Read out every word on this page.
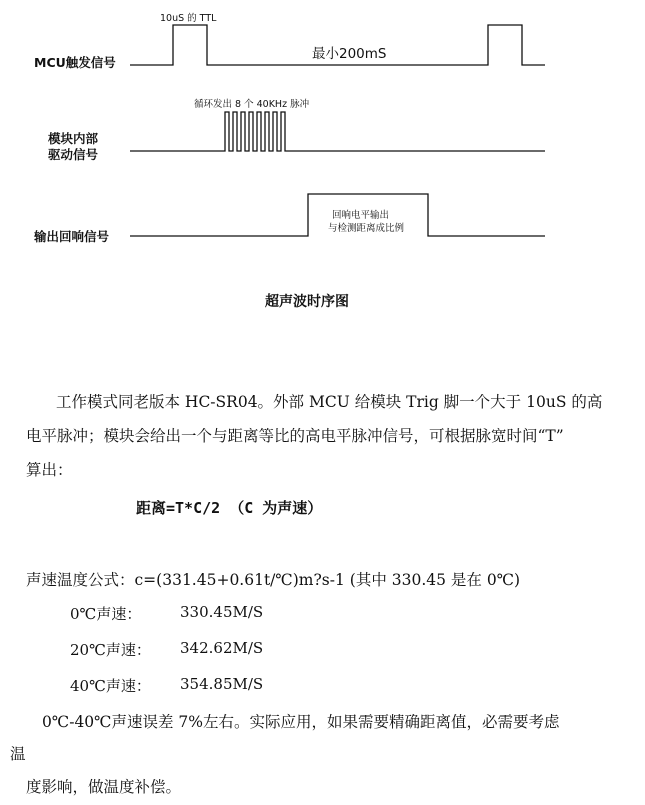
MCU触发信号
模块内部
驱动信号
输出回响信号
10uS 的 TTL
最小200mS
循环发出 8 个 40KHz 脉冲
回响电平输出
与检测距离成比例
超声波时序图
工作模式同老版本 HC-SR04。外部 MCU 给模块 Trig 脚一个大于 10uS 的高
电平脉冲；模块会给出一个与距离等比的高电平脉冲信号，可根据脉宽时间“T”
算出：
距离=T*C/2 （C 为声速）
声速温度公式：c=(331.45+0.61t/℃)m?s-1 (其中 330.45 是在 0℃)
0℃声速：	330.45M/S
20℃声速： 342.62M/S
40℃声速： 354.85M/S
0℃-40℃声速误差 7%左右。实际应用，如果需要精确距离值，必需要考虑
温
度影响，做温度补偿。
